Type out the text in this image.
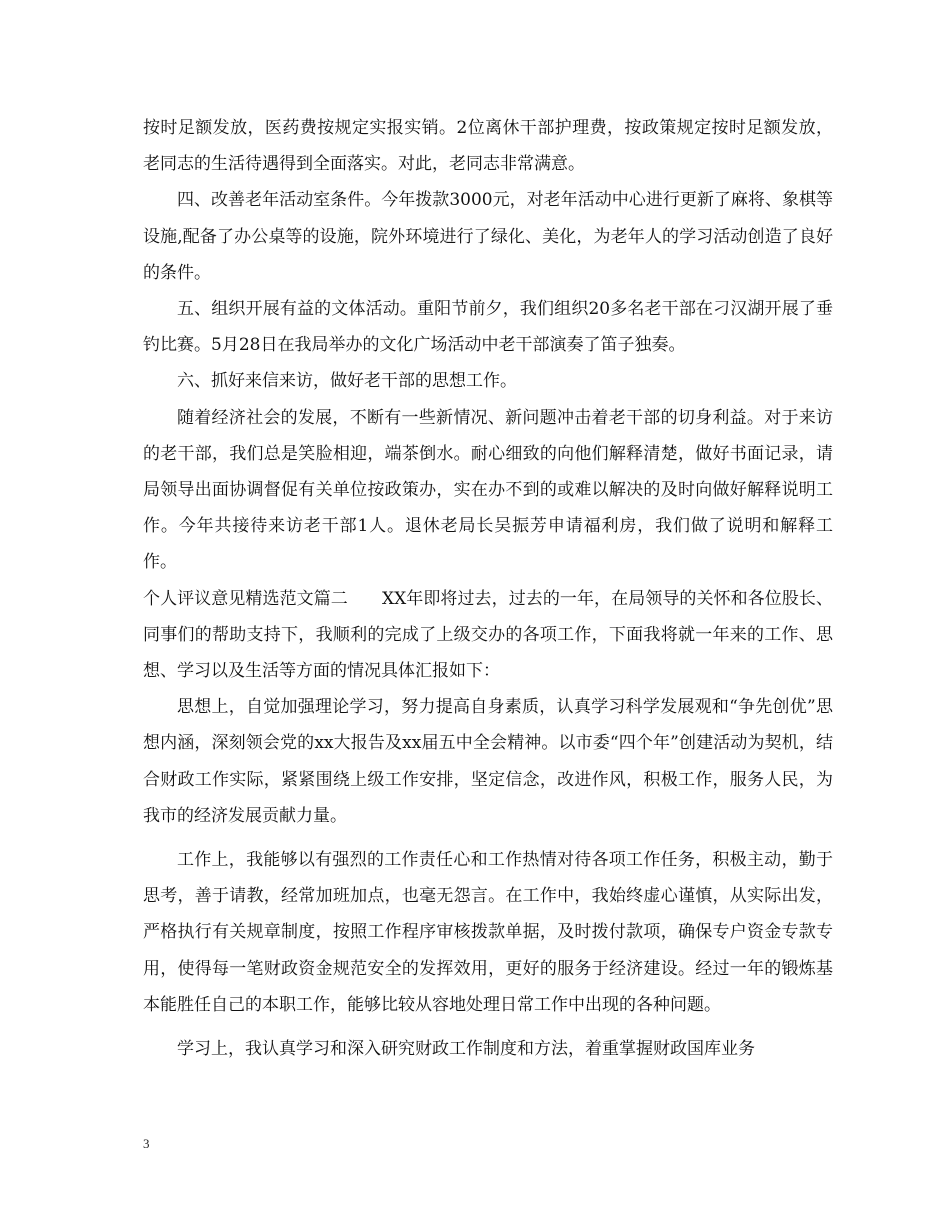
按时足额发放，医药费按规定实报实销。2位离休干部护理费，按政策规定按时足额发放，老同志的生活待遇得到全面落实。对此，老同志非常满意。

四、改善老年活动室条件。今年拨款3000元，对老年活动中心进行更新了麻将、象棋等设施,配备了办公桌等的设施，院外环境进行了绿化、美化，为老年人的学习活动创造了良好的条件。

五、组织开展有益的文体活动。重阳节前夕，我们组织20多名老干部在刁汉湖开展了垂钓比赛。5月28日在我局举办的文化广场活动中老干部演奏了笛子独奏。

六、抓好来信来访，做好老干部的思想工作。

随着经济社会的发展，不断有一些新情况、新问题冲击着老干部的切身利益。对于来访的老干部，我们总是笑脸相迎，端茶倒水。耐心细致的向他们解释清楚，做好书面记录，请局领导出面协调督促有关单位按政策办，实在办不到的或难以解决的及时向做好解释说明工作。今年共接待来访老干部1人。退休老局长吴振芳申请福利房，我们做了说明和解释工作。

个人评议意见精选范文篇二　　XX年即将过去，过去的一年，在局领导的关怀和各位股长、同事们的帮助支持下，我顺利的完成了上级交办的各项工作，下面我将就一年来的工作、思想、学习以及生活等方面的情况具体汇报如下：

思想上，自觉加强理论学习，努力提高自身素质，认真学习科学发展观和“争先创优”思想内涵，深刻领会党的xx大报告及xx届五中全会精神。以市委“四个年”创建活动为契机，结合财政工作实际，紧紧围绕上级工作安排，坚定信念，改进作风，积极工作，服务人民，为我市的经济发展贡献力量。

工作上，我能够以有强烈的工作责任心和工作热情对待各项工作任务，积极主动，勤于思考，善于请教，经常加班加点，也毫无怨言。在工作中，我始终虚心谨慎，从实际出发，严格执行有关规章制度，按照工作程序审核拨款单据，及时拨付款项，确保专户资金专款专用，使得每一笔财政资金规范安全的发挥效用，更好的服务于经济建设。经过一年的锻炼基本能胜任自己的本职工作，能够比较从容地处理日常工作中出现的各种问题。

学习上，我认真学习和深入研究财政工作制度和方法，着重掌握财政国库业务

3
